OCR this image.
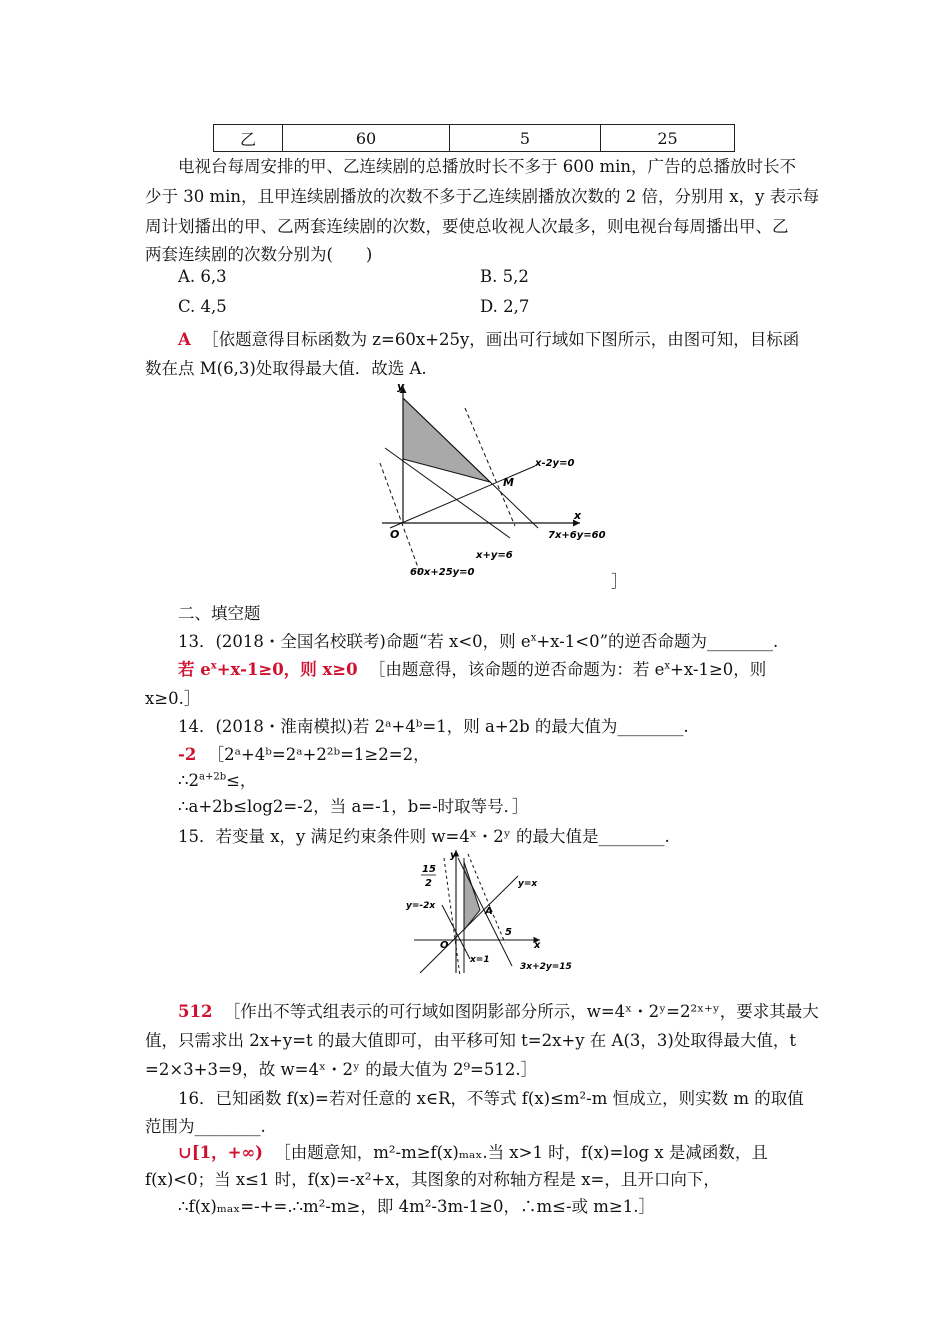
乙	60	5	25
电视台每周安排的甲、乙连续剧的总播放时长不多于 600 min，广告的总播放时长不
少于 30 min，且甲连续剧播放的次数不多于乙连续剧播放次数的 2 倍，分别用 x，y 表示每
周计划播出的甲、乙两套连续剧的次数，要使总收视人次最多，则电视台每周播出甲、乙
两套连续剧的次数分别为(　　)
A. 6,3	B. 5,2
C. 4,5	D. 2,7
A ［依题意得目标函数为 z=60x+25y，画出可行域如下图所示，由图可知，目标函
数在点 M(6,3)处取得最大值．故选 A.
y
x
O
M
x-2y=0
7x+6y=60
x+y=6
60x+25y=0	］
二、填空题
13．(2018・全国名校联考)命题“若 x<0，则 $e^x+x-1<0$”的逆否命题为________.
若 $e^x+x-1\ge 0$，则 x≥0 ［由题意得，该命题的逆否命题为：若 $e^x+x-1\ge 0$，则
x≥0.］
14．(2018・淮南模拟)若 2ᵃ+4ᵇ=1，则 a+2b 的最大值为________.
-2 ［2ᵃ+4ᵇ=2ᵃ+2²ᵇ=1≥2=2，
$\therefore 2^{a+2b}\le$，
∴a+2b≤log2=-2，当 a=-1，b=-时取等号．］
15．若变量 x，y 满足约束条件则 w=4ˣ・2ʸ 的最大值是________.
y
x
O
15
2
A
5
y=x
y=-2x
x=1
3x+2y=15
512 ［作出不等式组表示的可行域如图阴影部分所示，w=4ˣ・2ʸ=2²ˣ⁺ʸ，要求其最大
值，只需求出 2x+y=t 的最大值即可，由平移可知 t=2x+y 在 A(3，3)处取得最大值，t
=2×3+3=9，故 w=4ˣ・2ʸ 的最大值为 2⁹=512.］
16．已知函数 f(x)=若对任意的 x∈R，不等式 f(x)≤m²-m 恒成立，则实数 m 的取值
范围为________.
∪[1，+∞) ［由题意知，m²-m≥f(x)ₘₐₓ.当 x>1 时，f(x)=log x 是减函数，且
f(x)<0；当 x≤1 时，f(x)=-x²+x，其图象的对称轴方程是 x=，且开口向下，
∴f(x)ₘₐₓ=-+=.∴m²-m≥，即 4m²-3m-1≥0，∴m≤-或 m≥1.］
